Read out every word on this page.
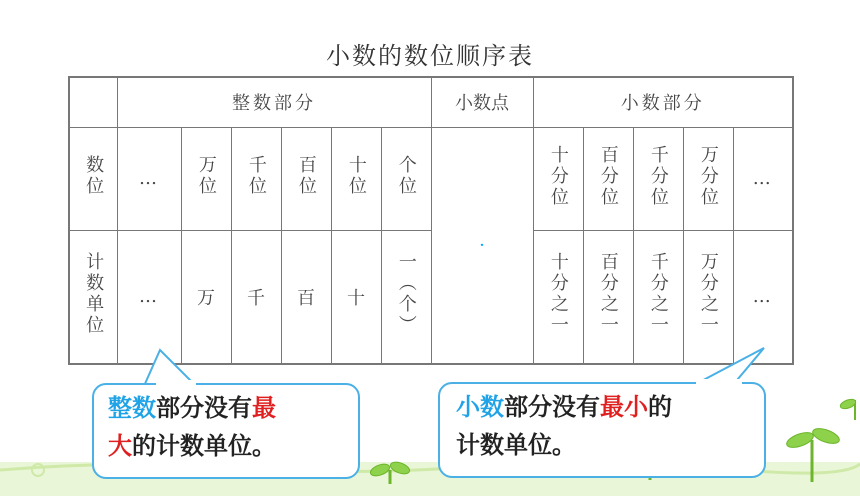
小数的数位顺序表
	整数部分						小数点	小数部分				
数位	…	万位	千位	百位	十位	个位	·	十分位	百分位	千分位	万分位	…
计数单位	…	万	千	百	十	一（个）		十分之一	百分之一	千分之一	万分之一	…
整数部分没有最
大的计数单位。
小数部分没有最小的
计数单位。
